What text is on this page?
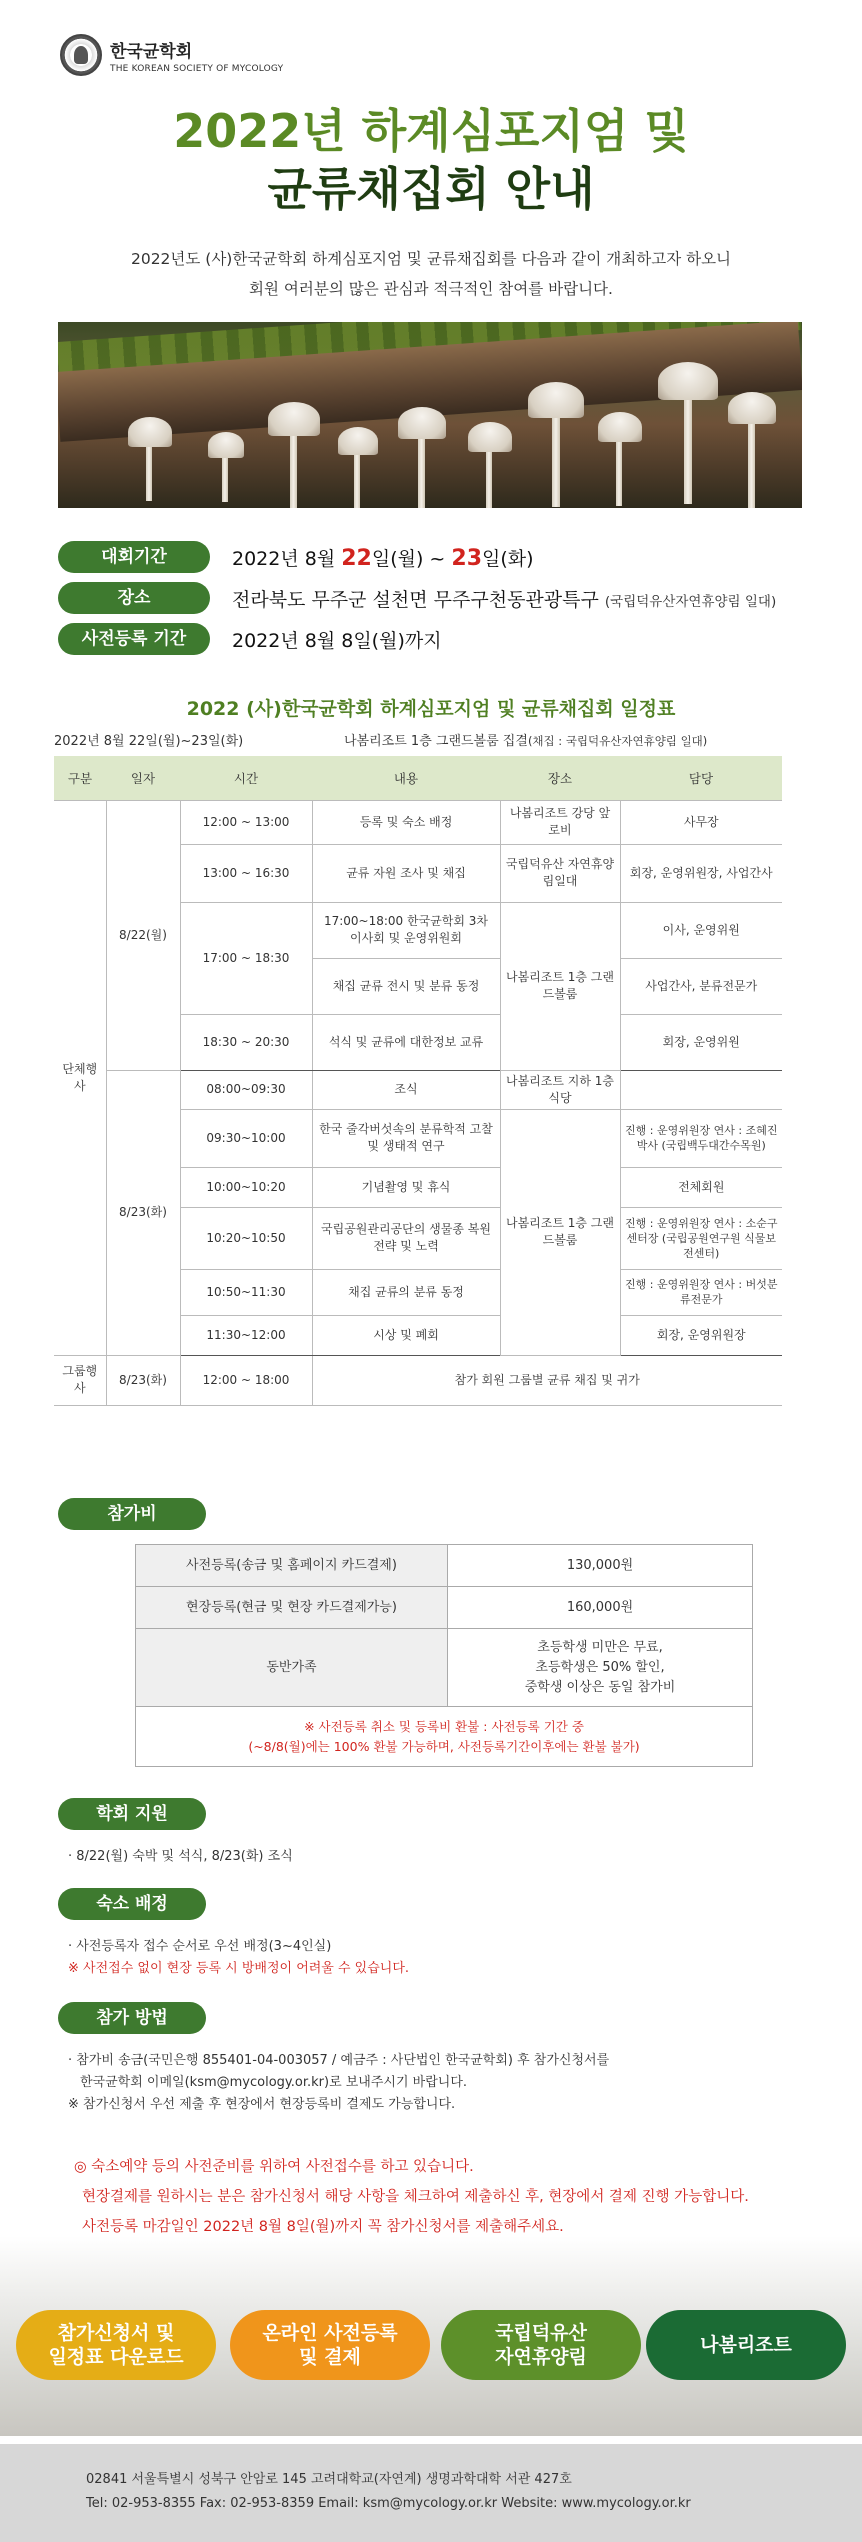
한국균학회
THE KOREAN SOCIETY OF MYCOLOGY
2022년 하계심포지엄 및
균류채집회 안내
2022년도 (사)한국균학회 하계심포지엄 및 균류채집회를 다음과 같이 개최하고자 하오니
회원 여러분의 많은 관심과 적극적인 참여를 바랍니다.
대회기간	2022년 8월 22일(월) ~ 23일(화)
장소	전라북도 무주군 설천면 무주구천동관광특구 (국립덕유산자연휴양림 일대)
사전등록 기간	2022년 8월 8일(월)까지
2022 (사)한국균학회 하계심포지엄 및 균류채집회 일정표
2022년 8월 22일(월)~23일(화)	나봄리조트 1층 그랜드볼룸 집결(채집 : 국립덕유산자연휴양림 일대)
구분	일자	시간	내용	장소	담당
단체행사	8/22(월)	12:00 ~ 13:00	등록 및 숙소 배정	나봄리조트 강당 앞 로비	사무장
		13:00 ~ 16:30	균류 자원 조사 및 채집	국립덕유산 자연휴양림일대	회장, 운영위원장, 사업간사
		17:00 ~ 18:30	17:00~18:00 한국균학회 3차 이사회 및 운영위원회	나봄리조트 1층 그랜드볼룸	이사, 운영위원
			채집 균류 전시 및 분류 동정		사업간사, 분류전문가
		18:30 ~ 20:30	석식 및 균류에 대한정보 교류		회장, 운영위원
	8/23(화)	08:00~09:30	조식	나봄리조트 지하 1층 식당	
		09:30~10:00	한국 줄각버섯속의 분류학적 고찰 및 생태적 연구	나봄리조트 1층 그랜드볼룸	진행 : 운영위원장 연사 : 조혜진 박사 (국립백두대간수목원)
		10:00~10:20	기념촬영 및 휴식		전체회원
		10:20~10:50	국립공원관리공단의 생물종 복원 전략 및 노력		진행 : 운영위원장 연사 : 소순구 센터장 (국립공원연구원 식물보전센터)
		10:50~11:30	채집 균류의 분류 동정		진행 : 운영위원장 연사 : 버섯분류전문가
		11:30~12:00	시상 및 폐회		회장, 운영위원장
그룹행사	8/23(화)	12:00 ~ 18:00	참가 회원 그룹별 균류 채집 및 귀가		
참가비
사전등록(송금 및 홈페이지 카드결제)	130,000원
현장등록(현금 및 현장 카드결제가능)	160,000원
동반가족	초등학생 미만은 무료,
초등학생은 50% 할인,
중학생 이상은 동일 참가비

※ 사전등록 취소 및 등록비 환불 : 사전등록 기간 중
(~8/8(월)에는 100% 환불 가능하며, 사전등록기간이후에는 환불 불가)	
학회 지원
· 8/22(월) 숙박 및 석식, 8/23(화) 조식
숙소 배정
· 사전등록자 접수 순서로 우선 배정(3~4인실)
※ 사전접수 없이 현장 등록 시 방배정이 어려울 수 있습니다.
참가 방법
· 참가비 송금(국민은행 855401-04-003057 / 예금주 : 사단법인 한국균학회) 후 참가신청서를
한국균학회 이메일(ksm@mycology.or.kr)로 보내주시기 바랍니다.
※ 참가신청서 우선 제출 후 현장에서 현장등록비 결제도 가능합니다.
◎ 숙소예약 등의 사전준비를 위하여 사전접수를 하고 있습니다.
현장결제를 원하시는 분은 참가신청서 해당 사항을 체크하여 제출하신 후, 현장에서 결제 진행 가능합니다.
사전등록 마감일인 2022년 8월 8일(월)까지 꼭 참가신청서를 제출해주세요.
참가신청서 및
일정표 다운로드
온라인 사전등록
및 결제
국립덕유산
자연휴양림
나봄리조트
02841 서울특별시 성북구 안암로 145 고려대학교(자연계) 생명과학대학 서관 427호
Tel: 02-953-8355 Fax: 02-953-8359 Email: ksm@mycology.or.kr Website: www.mycology.or.kr
